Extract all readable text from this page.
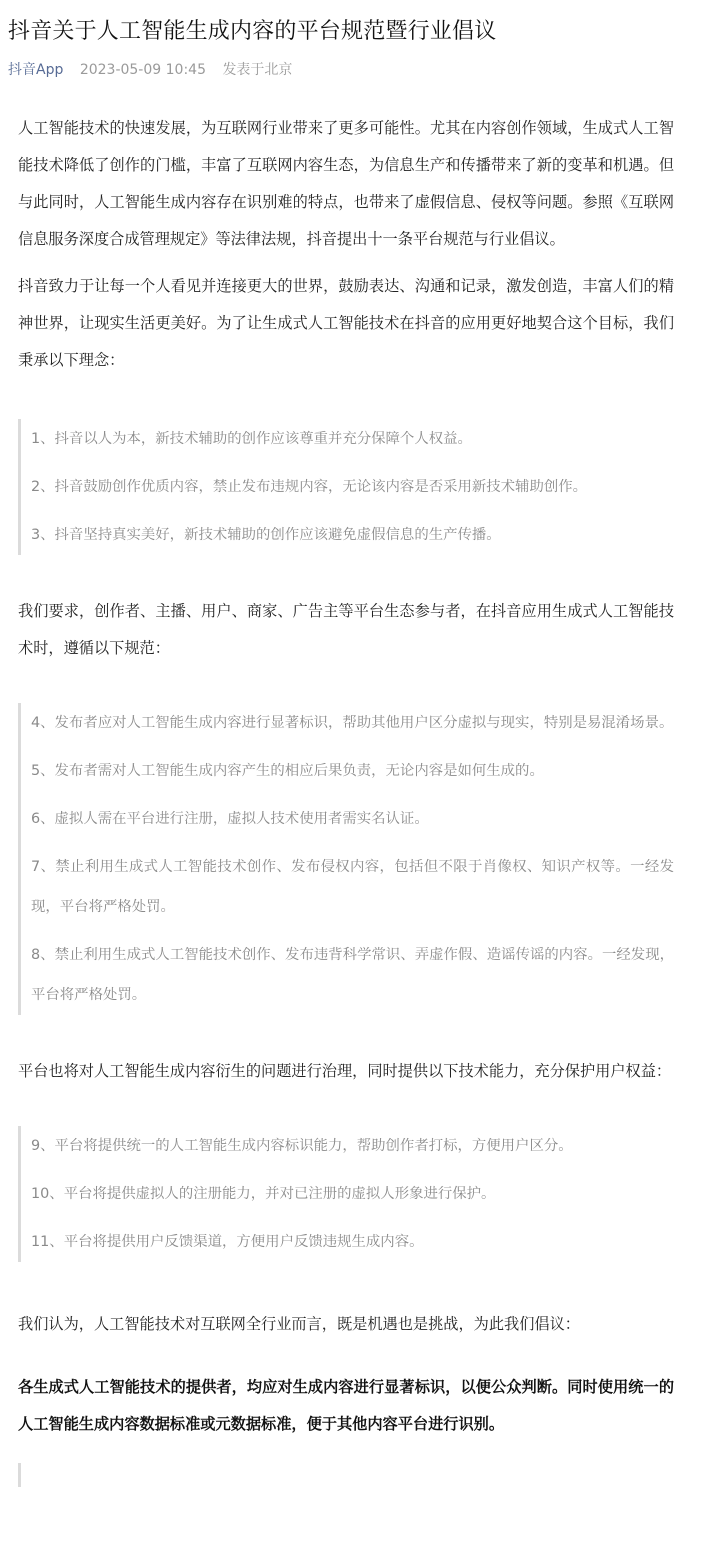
抖音关于人工智能生成内容的平台规范暨行业倡议
抖音App 2023-05-09 10:45 发表于北京

人工智能技术的快速发展，为互联网行业带来了更多可能性。尤其在内容创作领域，生成式人工智能技术降低了创作的门槛，丰富了互联网内容生态，为信息生产和传播带来了新的变革和机遇。但与此同时，人工智能生成内容存在识别难的特点，也带来了虚假信息、侵权等问题。参照《互联网信息服务深度合成管理规定》等法律法规，抖音提出十一条平台规范与行业倡议。

抖音致力于让每一个人看见并连接更大的世界，鼓励表达、沟通和记录，激发创造，丰富人们的精神世界，让现实生活更美好。为了让生成式人工智能技术在抖音的应用更好地契合这个目标，我们秉承以下理念：

1、抖音以人为本，新技术辅助的创作应该尊重并充分保障个人权益。

2、抖音鼓励创作优质内容，禁止发布违规内容，无论该内容是否采用新技术辅助创作。

3、抖音坚持真实美好，新技术辅助的创作应该避免虚假信息的生产传播。

我们要求，创作者、主播、用户、商家、广告主等平台生态参与者，在抖音应用生成式人工智能技术时，遵循以下规范：

4、发布者应对人工智能生成内容进行显著标识，帮助其他用户区分虚拟与现实，特别是易混淆场景。

5、发布者需对人工智能生成内容产生的相应后果负责，无论内容是如何生成的。

6、虚拟人需在平台进行注册，虚拟人技术使用者需实名认证。

7、禁止利用生成式人工智能技术创作、发布侵权内容，包括但不限于肖像权、知识产权等。一经发现，平台将严格处罚。

8、禁止利用生成式人工智能技术创作、发布违背科学常识、弄虚作假、造谣传谣的内容。一经发现，平台将严格处罚。

平台也将对人工智能生成内容衍生的问题进行治理，同时提供以下技术能力，充分保护用户权益：

9、平台将提供统一的人工智能生成内容标识能力，帮助创作者打标，方便用户区分。

10、平台将提供虚拟人的注册能力，并对已注册的虚拟人形象进行保护。

11、平台将提供用户反馈渠道，方便用户反馈违规生成内容。

我们认为，人工智能技术对互联网全行业而言，既是机遇也是挑战，为此我们倡议：

各生成式人工智能技术的提供者，均应对生成内容进行显著标识，以便公众判断。同时使用统一的人工智能生成内容数据标准或元数据标准，便于其他内容平台进行识别。
